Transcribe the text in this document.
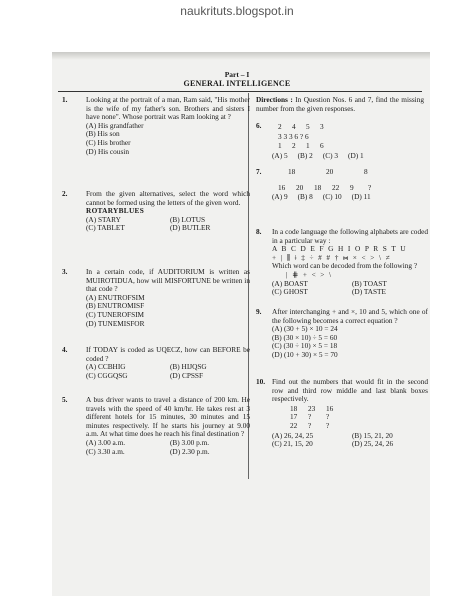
naukrituts.blogspot.in
Part – I
GENERAL INTELLIGENCE
1.	Looking at the portrait of a man, Ram said, "His mother is the wife of my father's son. Brothers and sisters I have none". Whose portrait was Ram looking at ?
(A) His grandfather
(B) His son
(C) His brother
(D) His cousin
2.	From the given alternatives, select the word which cannot be formed using the letters of the given word.
ROTARYBLUES
(A) STARY	(B) LOTUS
(C) TABLET	(D) BUTLER
3.	In a certain code, if AUDITORIUM is written as MUIROTIDUA, how will MISFORTUNE be written in that code ?
(A) ENUTROFSIM
(B) ENUTROMISF
(C) TUNEROFSIM
(D) TUNEMISFOR
4.	If TODAY is coded as UQECZ, how can BEFORE be coded ?
(A) CCBHIG	(B) HIJQSG
(C) CGGQSG	(D) CPSSF
5.	A bus driver wants to travel a distance of 200 km. He travels with the speed of 40 km/hr. He takes rest at 3 different hotels for 15 minutes, 30 minutes and 15 minutes respectively. If he starts his journey at 9.00 a.m. At what time does he reach his final destination ?
(A) 3.00 a.m.	(B) 3.00 p.m.
(C) 3.30 a.m.	(D) 2.30 p.m.
Directions : In Question Nos. 6 and 7, find the missing number from the given responses.
6. 2	4	5	3
3 3 3 6 ? 6
1	2	1	6
(A) 5 (B) 2 (C) 3 (D) 1
7.	18	20	8
16	20	18	22	9	?
(A) 9 (B) 8 (C) 10 (D) 11
8. In a code language the following alphabets are coded in a particular way :
A B C D E F G H I O P R S T U
+ | ⫼ ǂ ‡ ÷ # # † ⋈ × < > \ ≠
Which word can be decoded from the following ?
| ⋕ + < > \
(A) BOAST	(B) TOAST
(C) GHOST	(D) TASTE
9. After interchanging + and ×, 10 and 5, which one of the following becomes a correct equation ?
(A) (30 + 5) × 10 = 24
(B) (30 × 10) ÷ 5 = 60
(C) (30 ÷ 10) × 5 = 18
(D) (10 + 30) × 5 = 70
10. Find out the numbers that would fit in the second row and third row middle and last blank boxes respectively.
18	23	16
17	?	?
22	?	?
(A) 26, 24, 25	(B) 15, 21, 20
(C) 21, 15, 20	(D) 25, 24, 26
